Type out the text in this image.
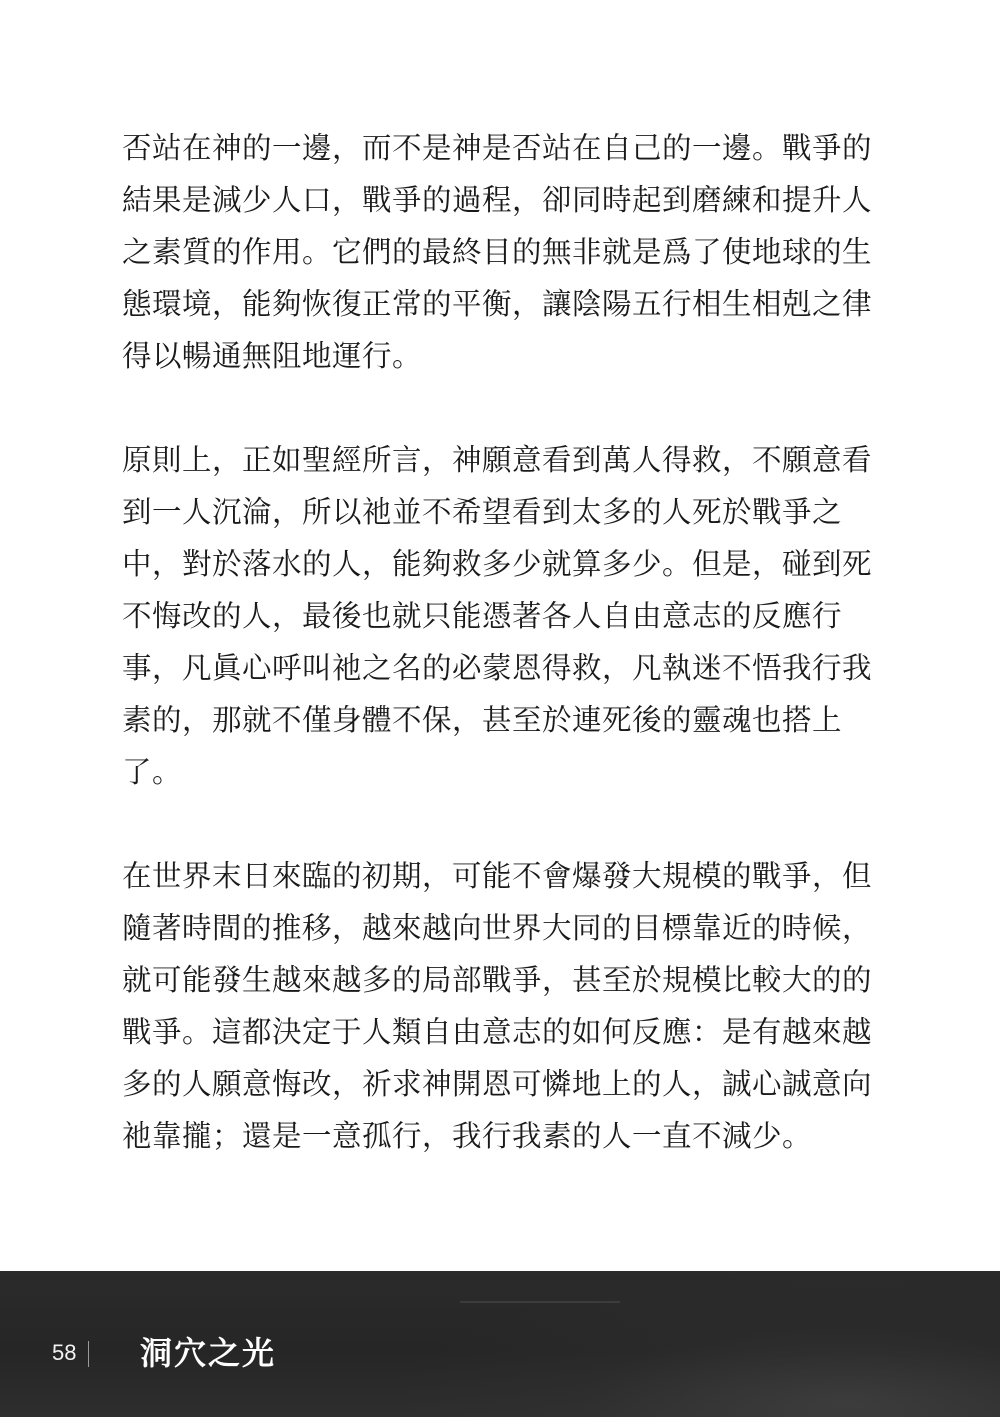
否站在神的一邊，而不是神是否站在自己的一邊。戰爭的
結果是減少人口，戰爭的過程，卻同時起到磨練和提升人
之素質的作用。它們的最終目的無非就是爲了使地球的生
態環境，能夠恢復正常的平衡，讓陰陽五行相生相剋之律
得以暢通無阻地運行。
原則上，正如聖經所言，神願意看到萬人得救，不願意看
到一人沉淪，所以祂並不希望看到太多的人死於戰爭之
中，對於落水的人，能夠救多少就算多少。但是，碰到死
不悔改的人，最後也就只能憑著各人自由意志的反應行
事，凡眞心呼叫祂之名的必蒙恩得救，凡執迷不悟我行我
素的，那就不僅身體不保，甚至於連死後的靈魂也搭上
了。
在世界末日來臨的初期，可能不會爆發大規模的戰爭，但
隨著時間的推移，越來越向世界大同的目標靠近的時候，
就可能發生越來越多的局部戰爭，甚至於規模比較大的的
戰爭。這都決定于人類自由意志的如何反應：是有越來越
多的人願意悔改，祈求神開恩可憐地上的人，誠心誠意向
祂靠攏；還是一意孤行，我行我素的人一直不減少。
58 洞穴之光
